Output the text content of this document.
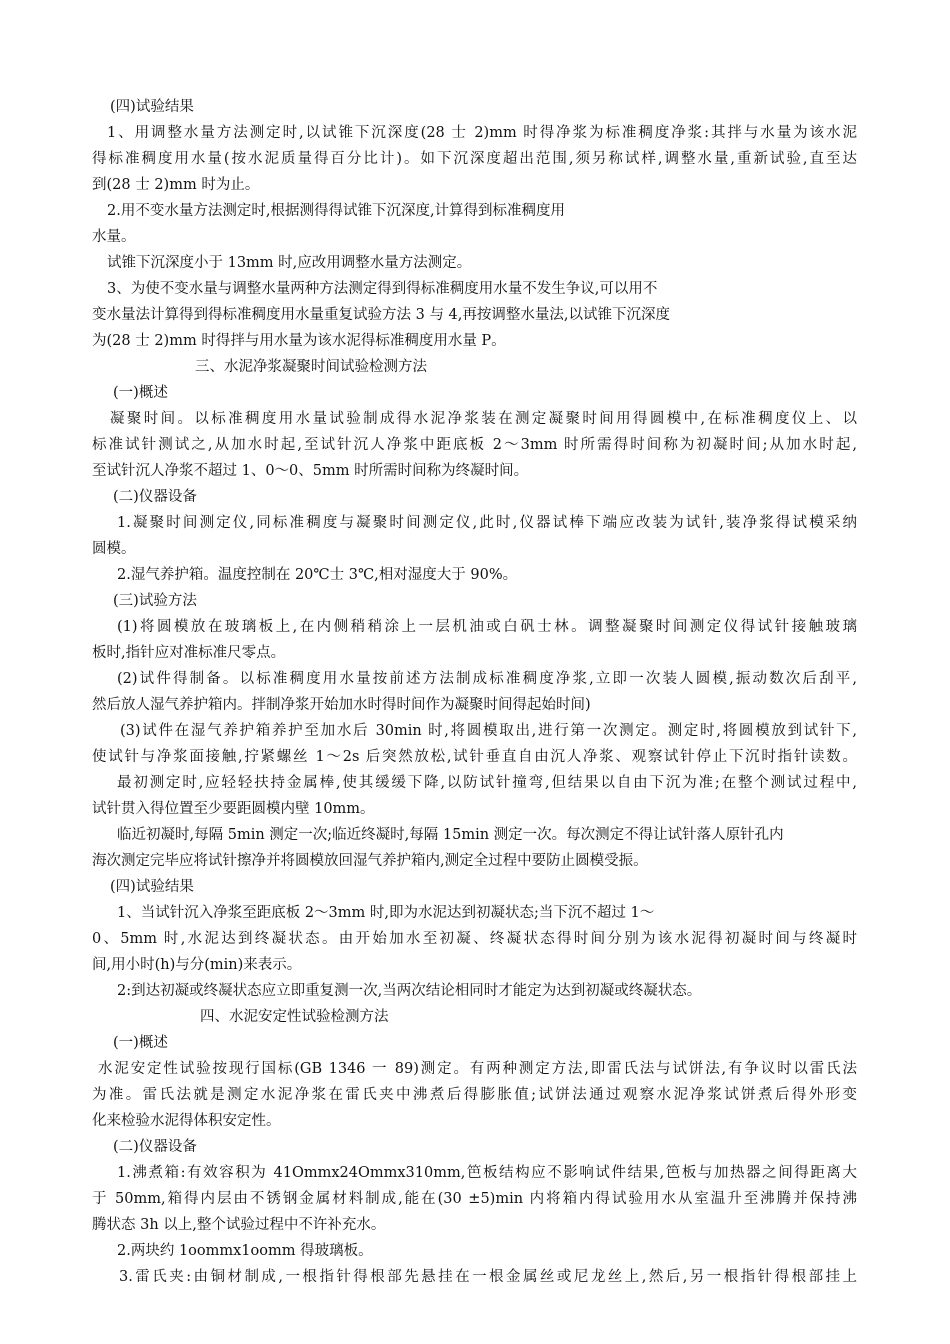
(四)试验结果
1、用调整水量方法测定时,以试锥下沉深度(28 士 2)mm 时得净浆为标准稠度净浆:其拌与水量为该水泥
得标准稠度用水量(按水泥质量得百分比计)。如下沉深度超出范围,须另称试样,调整水量,重新试验,直至达
到(28 士 2)mm 时为止。
2.用不变水量方法测定时,根据测得得试锥下沉深度,计算得到标准稠度用
水量。
试锥下沉深度小于 13mm 时,应改用调整水量方法测定。
3、为使不变水量与调整水量两种方法测定得到得标准稠度用水量不发生争议,可以用不
变水量法计算得到得标准稠度用水量重复试验方法 3 与 4,再按调整水量法,以试锥下沉深度
为(28 士 2)mm 时得拌与用水量为该水泥得标准稠度用水量 P。
三、水泥净浆凝聚时间试验检测方法
(一)概述
凝聚时间。以标准稠度用水量试验制成得水泥净浆装在测定凝聚时间用得圆模中,在标准稠度仪上、以
标准试针测试之,从加水时起,至试针沉人净浆中距底板 2～3mm 时所需得时间称为初凝时间;从加水时起,
至试针沉人净浆不超过 1、0～0、5mm 时所需时间称为终凝时间。
(二)仪器设备
1.凝聚时间测定仪,同标准稠度与凝聚时间测定仪,此时,仪器试棒下端应改装为试针,装净浆得试模采纳
圆模。
2.湿气养护箱。温度控制在 20℃士 3℃,相对湿度大于 90%。
(三)试验方法
(1)将圆模放在玻璃板上,在内侧稍稍涂上一层机油或白矾士林。调整凝聚时间测定仪得试针接触玻璃
板时,指针应对准标准尺零点。
(2)试件得制备。以标准稠度用水量按前述方法制成标准稠度净浆,立即一次装人圆模,振动数次后刮平,
然后放人湿气养护箱内。拌制净浆开始加水时得时间作为凝聚时间得起始时间)
(3)试件在湿气养护箱养护至加水后 30min 时,将圆模取出,进行第一次测定。测定时,将圆模放到试针下,
使试针与净浆面接触,拧紧螺丝 1～2s 后突然放松,试针垂直自由沉人净浆、观察试针停止下沉时指针读数。
最初测定时,应轻轻扶持金属棒,使其缓缓下降,以防试针撞弯,但结果以自由下沉为准;在整个测试过程中,
试针贯入得位置至少要距圆模内壁 10mm。
临近初凝时,每隔 5min 测定一次;临近终凝时,每隔 15min 测定一次。每次测定不得让试针落人原针孔内
海次测定完毕应将试针擦净并将圆模放回湿气养护箱内,测定全过程中要防止圆模受振。
(四)试验结果
1、当试针沉入净浆至距底板 2～3mm 时,即为水泥达到初凝状态;当下沉不超过 1～
0、5mm 时,水泥达到终凝状态。由开始加水至初凝、终凝状态得时间分别为该水泥得初凝时间与终凝时
间,用小时(h)与分(min)来表示。
2:到达初凝或终凝状态应立即重复测一次,当两次结论相同时才能定为达到初凝或终凝状态。
四、水泥安定性试验检测方法
(一)概述
水泥安定性试验按现行国标(GB 1346 一 89)测定。有两种测定方法,即雷氏法与试饼法,有争议时以雷氏法
为准。雷氏法就是测定水泥净浆在雷氏夹中沸煮后得膨胀值;试饼法通过观察水泥净浆试饼煮后得外形变
化来检验水泥得体积安定性。
(二)仪器设备
1.沸煮箱:有效容积为 41Ommx24Ommx310mm,笆板结构应不影响试件结果,笆板与加热器之间得距离大
于 50mm,箱得内层由不锈钢金属材料制成,能在(30 ±5)min 内将箱内得试验用水从室温升至沸腾并保持沸
腾状态 3h 以上,整个试验过程中不许补充水。
2.两块约 1oommx1oomm 得玻璃板。
3.雷氏夹:由铜材制成,一根指针得根部先悬挂在一根金属丝或尼龙丝上,然后,另一根指针得根部挂上
